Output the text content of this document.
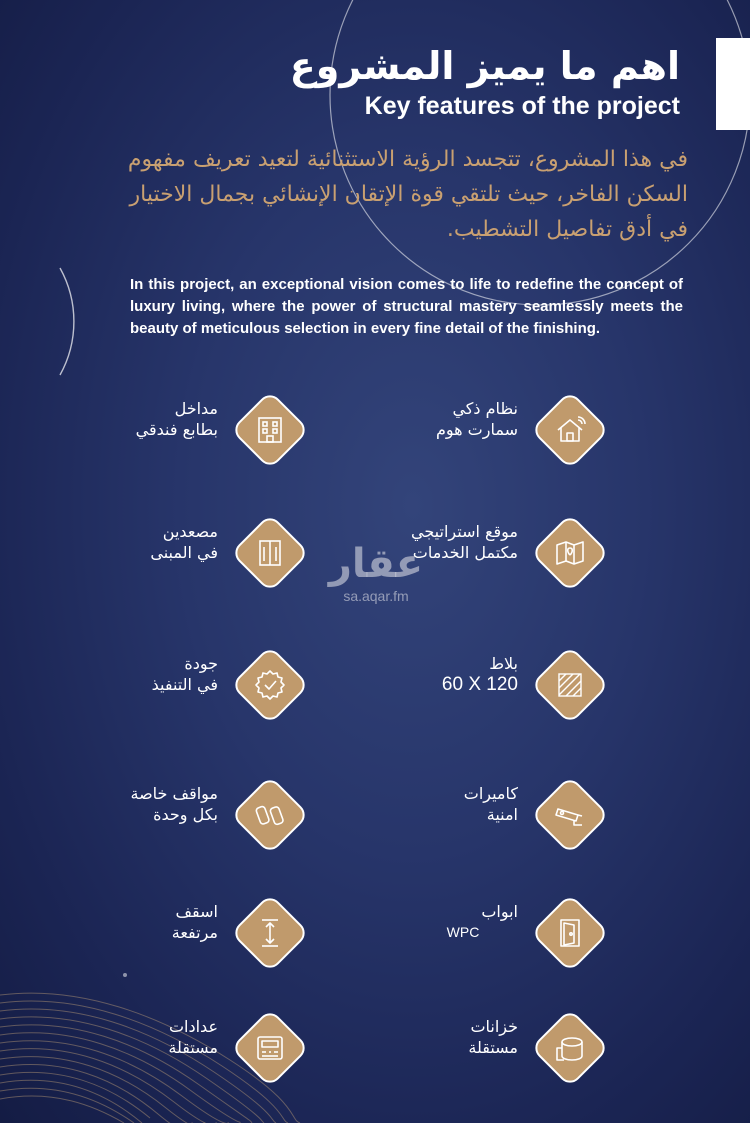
اهم ما يميز المشروع
Key features of the project
في هذا المشروع، تتجسد الرؤية الاستثنائية لتعيد تعريف مفهوم السكن الفاخر، حيث تلتقي قوة الإتقان الإنشائي بجمال الاختيار في أدق تفاصيل التشطيب.
In this project, an exceptional vision comes to life to redefine the concept of luxury living, where the power of structural mastery seamlessly meets the beauty of meticulous selection in every fine detail of the finishing.
نظام ذكي
سمارت هوم
مداخل
بطابع فندقي
موقع استراتيجي
مكتمل الخدمات
مصعدين
في المبنى
بلاط
60 X 120
جودة
في التنفيذ
كاميرات
امنية
مواقف خاصة
بكل وحدة
ابواب
WPC
اسقف
مرتفعة
خزانات
مستقلة
عدادات
مستقلة
عقار
sa.aqar.fm
